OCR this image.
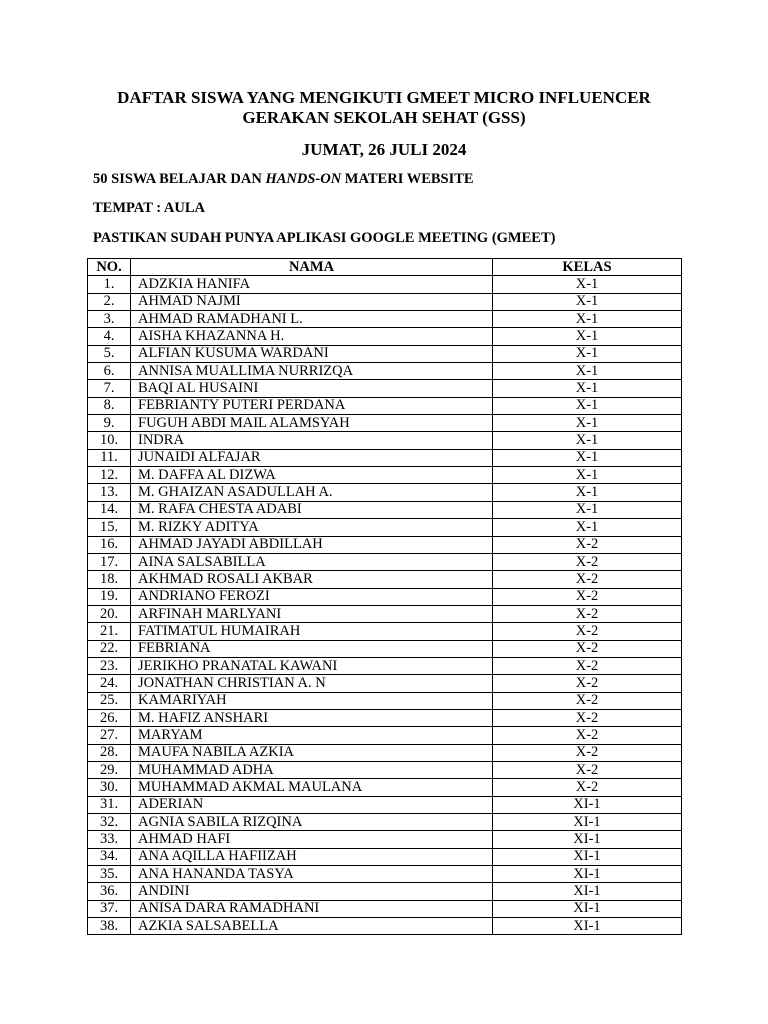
DAFTAR SISWA YANG MENGIKUTI GMEET MICRO INFLUENCER
GERAKAN SEKOLAH SEHAT (GSS)
JUMAT, 26 JULI 2024
50 SISWA BELAJAR DAN HANDS-ON MATERI WEBSITE
TEMPAT : AULA
PASTIKAN SUDAH PUNYA APLIKASI GOOGLE MEETING (GMEET)
NO.	NAMA	KELAS
1.	ADZKIA HANIFA	X-1
2.	AHMAD NAJMI	X-1
3.	AHMAD RAMADHANI L.	X-1
4.	AISHA KHAZANNA H.	X-1
5.	ALFIAN KUSUMA WARDANI	X-1
6.	ANNISA MUALLIMA NURRIZQA	X-1
7.	BAQI AL HUSAINI	X-1
8.	FEBRIANTY PUTERI PERDANA	X-1
9.	FUGUH ABDI MAIL ALAMSYAH	X-1
10.	INDRA	X-1
11.	JUNAIDI ALFAJAR	X-1
12.	M. DAFFA AL DIZWA	X-1
13.	M. GHAIZAN ASADULLAH A.	X-1
14.	M. RAFA CHESTA ADABI	X-1
15.	M. RIZKY ADITYA	X-1
16.	AHMAD JAYADI ABDILLAH	X-2
17.	AINA SALSABILLA	X-2
18.	AKHMAD ROSALI AKBAR	X-2
19.	ANDRIANO FEROZI	X-2
20.	ARFINAH MARLYANI	X-2
21.	FATIMATUL HUMAIRAH	X-2
22.	FEBRIANA	X-2
23.	JERIKHO PRANATAL KAWANI	X-2
24.	JONATHAN CHRISTIAN A. N	X-2
25.	KAMARIYAH	X-2
26.	M. HAFIZ ANSHARI	X-2
27.	MARYAM	X-2
28.	MAUFA NABILA AZKIA	X-2
29.	MUHAMMAD ADHA	X-2
30.	MUHAMMAD AKMAL MAULANA	X-2
31.	ADERIAN	XI-1
32.	AGNIA SABILA RIZQINA	XI-1
33.	AHMAD HAFI	XI-1
34.	ANA AQILLA HAFIIZAH	XI-1
35.	ANA HANANDA TASYA	XI-1
36.	ANDINI	XI-1
37.	ANISA DARA RAMADHANI	XI-1
38.	AZKIA SALSABELLA	XI-1
